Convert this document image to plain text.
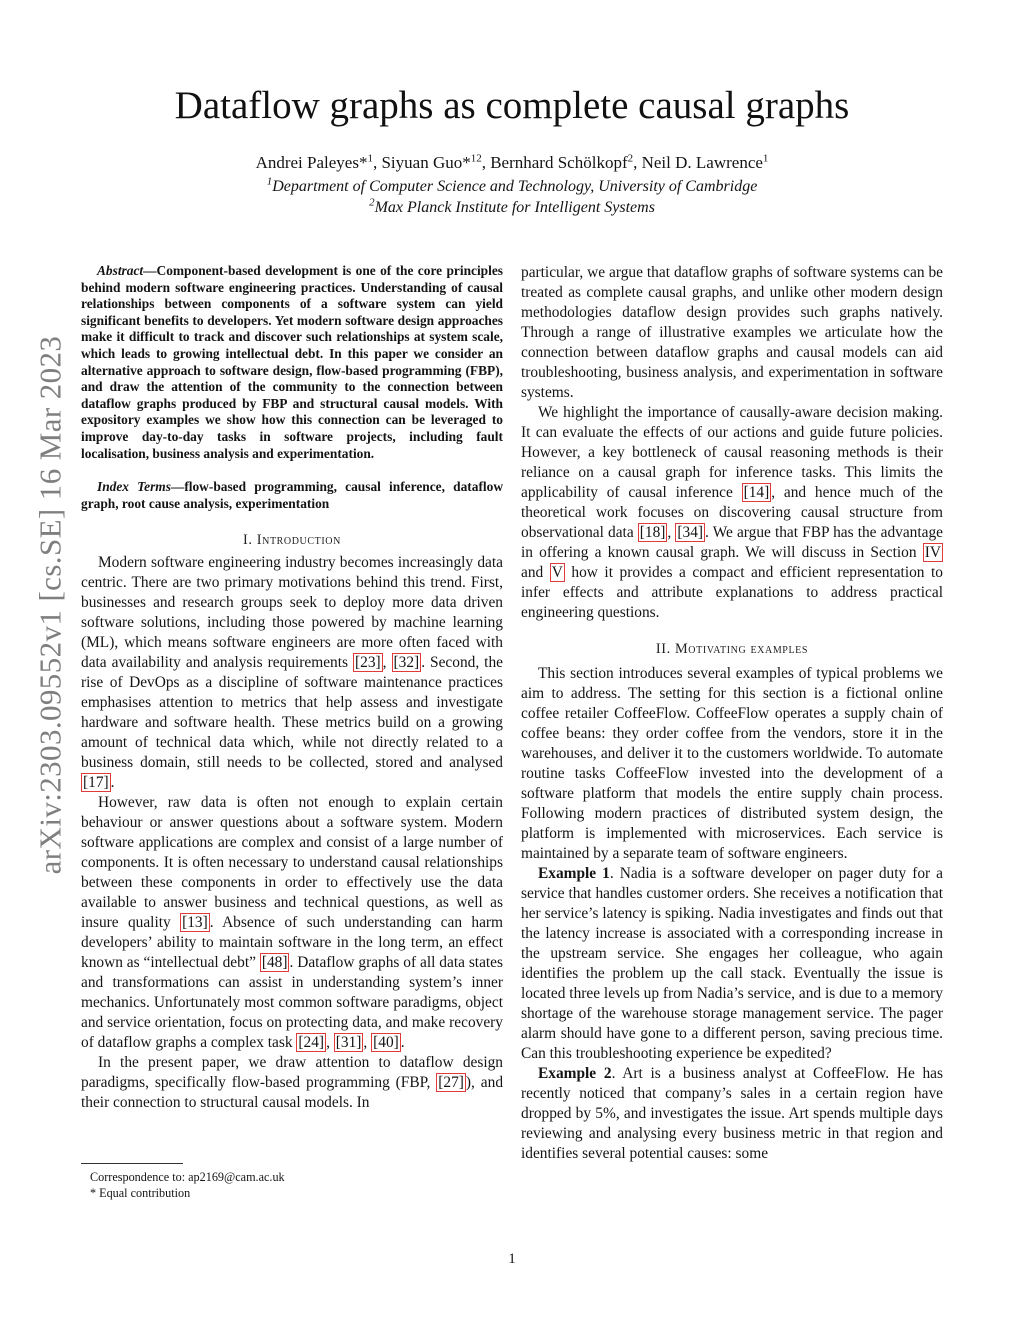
arXiv:2303.09552v1 [cs.SE] 16 Mar 2023
Dataflow graphs as complete causal graphs
Andrei Paleyes*$^1$, Siyuan Guo*$^{12}$, Bernhard Schölkopf$^2$, Neil D. Lawrence$^1$
$^1$Department of Computer Science and Technology, University of Cambridge
$^2$Max Planck Institute for Intelligent Systems

Abstract—Component-based development is one of the core principles behind modern software engineering practices. Understanding of causal relationships between components of a software system can yield significant benefits to developers. Yet modern software design approaches make it difficult to track and discover such relationships at system scale, which leads to growing intellectual debt. In this paper we consider an alternative approach to software design, flow-based programming (FBP), and draw the attention of the community to the connection between dataflow graphs produced by FBP and structural causal models. With expository examples we show how this connection can be leveraged to improve day-to-day tasks in software projects, including fault localisation, business analysis and experimentation.

Index Terms—flow-based programming, causal inference, dataflow graph, root cause analysis, experimentation

I. Introduction

Modern software engineering industry becomes increasingly data centric. There are two primary motivations behind this trend. First, businesses and research groups seek to deploy more data driven software solutions, including those powered by machine learning (ML), which means software engineers are more often faced with data availability and analysis requirements [23] , [32] . Second, the rise of DevOps as a discipline of software maintenance practices emphasises attention to metrics that help assess and investigate hardware and software health. These metrics build on a growing amount of technical data which, while not directly related to a business domain, still needs to be collected, stored and analysed [17] .

However, raw data is often not enough to explain certain behaviour or answer questions about a software system. Modern software applications are complex and consist of a large number of components. It is often necessary to understand causal relationships between these components in order to effectively use the data available to answer business and technical questions, as well as insure quality [13] . Absence of such understanding can harm developers’ ability to maintain software in the long term, an effect known as “intellectual debt” [48] . Dataflow graphs of all data states and transformations can assist in understanding system’s inner mechanics. Unfortunately most common software paradigms, object and service orientation, focus on protecting data, and make recovery of dataflow graphs a complex task [24] , [31] , [40] .

In the present paper, we draw attention to dataflow design paradigms, specifically flow-based programming (FBP, [27] ), and their connection to structural causal models. In

particular, we argue that dataflow graphs of software systems can be treated as complete causal graphs, and unlike other modern design methodologies dataflow design provides such graphs natively. Through a range of illustrative examples we articulate how the connection between dataflow graphs and causal models can aid troubleshooting, business analysis, and experimentation in software systems.

We highlight the importance of causally-aware decision making. It can evaluate the effects of our actions and guide future policies. However, a key bottleneck of causal reasoning methods is their reliance on a causal graph for inference tasks. This limits the applicability of causal inference [14] , and hence much of the theoretical work focuses on discovering causal structure from observational data [18] , [34] . We argue that FBP has the advantage in offering a known causal graph. We will discuss in Section IV and V how it provides a compact and efficient representation to infer effects and attribute explanations to address practical engineering questions.

II. Motivating examples

This section introduces several examples of typical problems we aim to address. The setting for this section is a fictional online coffee retailer CoffeeFlow. CoffeeFlow operates a supply chain of coffee beans: they order coffee from the vendors, store it in the warehouses, and deliver it to the customers worldwide. To automate routine tasks CoffeeFlow invested into the development of a software platform that models the entire supply chain process. Following modern practices of distributed system design, the platform is implemented with microservices. Each service is maintained by a separate team of software engineers.

Example 1. Nadia is a software developer on pager duty for a service that handles customer orders. She receives a notification that her service’s latency is spiking. Nadia investigates and finds out that the latency increase is associated with a corresponding increase in the upstream service. She engages her colleague, who again identifies the problem up the call stack. Eventually the issue is located three levels up from Nadia’s service, and is due to a memory shortage of the warehouse storage management service. The pager alarm should have gone to a different person, saving precious time. Can this troubleshooting experience be expedited?

Example 2. Art is a business analyst at CoffeeFlow. He has recently noticed that company’s sales in a certain region have dropped by 5%, and investigates the issue. Art spends multiple days reviewing and analysing every business metric in that region and identifies several potential causes: some

Correspondence to: ap2169@cam.ac.uk

* Equal contribution

1
